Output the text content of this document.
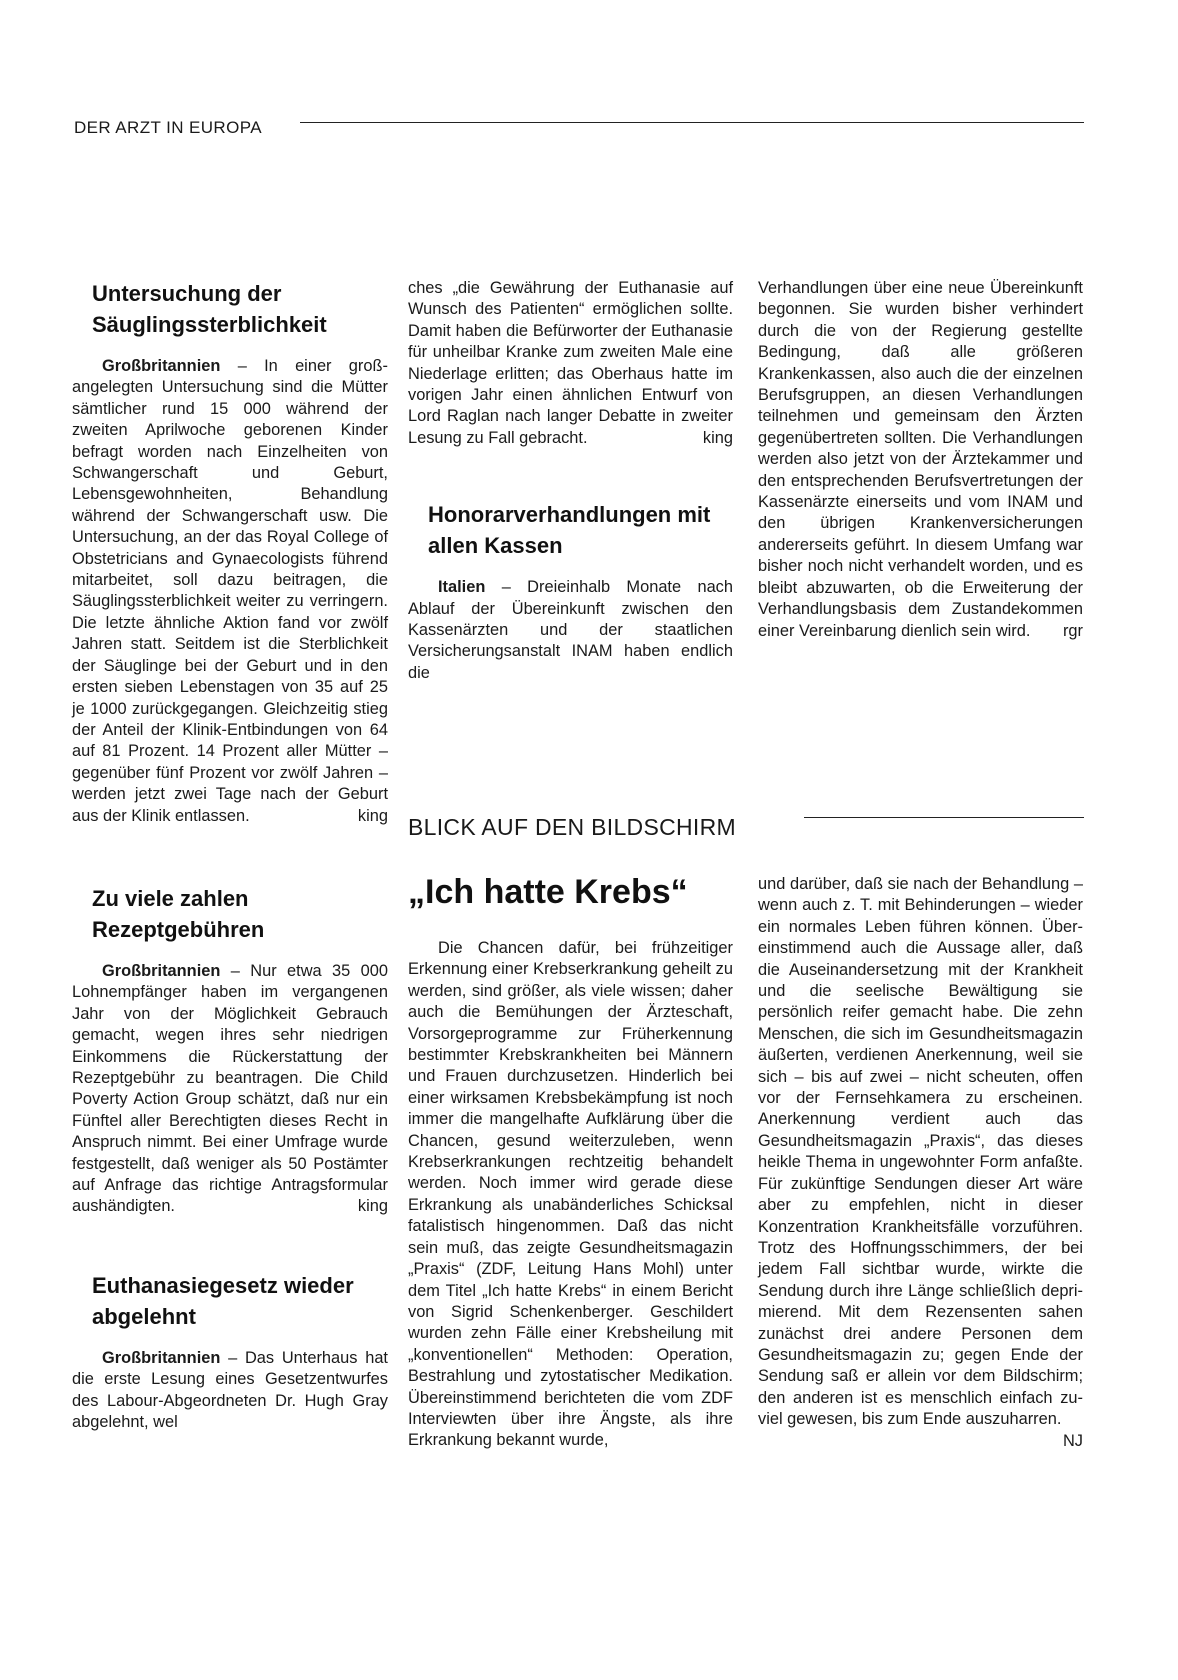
DER ARZT IN EUROPA
Untersuchung der Säuglingssterblichkeit

Großbritannien – In einer großangelegten Untersuchung sind die Mütter sämtlicher rund 15 000 während der zweiten Aprilwoche geborenen Kinder befragt worden nach Einzelheiten von Schwangerschaft und Geburt, Lebensgewohnheiten, Behandlung während der Schwangerschaft usw. Die Untersuchung, an der das Royal College of Obstetricians and Gynaecologists führend mitarbeitet, soll dazu beitragen, die Säuglingssterblichkeit weiter zu verringern. Die letzte ähnliche Aktion fand vor zwölf Jahren statt. Seitdem ist die Sterblichkeit der Säuglinge bei der Geburt und in den ersten sieben Lebenstagen von 35 auf 25 je 1000 zurückgegangen. Gleichzeitig stieg der Anteil der Klinik-Entbindungen von 64 auf 81 Prozent. 14 Prozent aller Mütter – gegenüber fünf Prozent vor zwölf Jahren – werden jetzt zwei Tage nach der Geburt aus der Klinik entlassen.	king

Zu viele zahlen Rezeptgebühren

Großbritannien – Nur etwa 35 000 Lohnempfänger haben im vergangenen Jahr von der Möglichkeit Gebrauch gemacht, wegen ihres sehr niedrigen Einkommens die Rückerstattung der Rezeptgebühr zu beantragen. Die Child Poverty Action Group schätzt, daß nur ein Fünftel aller Berechtigten dieses Recht in Anspruch nimmt. Bei einer Umfrage wurde festgestellt, daß weniger als 50 Postämter auf Anfrage das richtige Antragsformular aushändigten.	king

Euthanasiegesetz wieder abgelehnt

Großbritannien – Das Unterhaus hat die erste Lesung eines Gesetzentwurfes des Labour-Abgeordneten Dr. Hugh Gray abgelehnt, wel

ches „die Gewährung der Euthanasie auf Wunsch des Patienten“ ermöglichen sollte. Damit haben die Befürworter der Euthanasie für unheilbar Kranke zum zweiten Male eine Niederlage erlitten; das Oberhaus hatte im vorigen Jahr einen ähnlichen Entwurf von Lord Raglan nach langer Debatte in zweiter Lesung zu Fall gebracht.	king

Honorarverhandlungen mit allen Kassen

Italien – Dreieinhalb Monate nach Ablauf der Übereinkunft zwischen den Kassenärzten und der staatlichen Versicherungsanstalt INAM haben endlich die

Verhandlungen über eine neue Übereinkunft begonnen. Sie wurden bisher verhindert durch die von der Regierung gestellte Bedingung, daß alle größeren Krankenkassen, also auch die der einzelnen Berufsgruppen, an diesen Verhandlungen teilnehmen und gemeinsam den Ärzten gegenübertreten sollten. Die Verhandlungen werden also jetzt von der Ärztekammer und den entsprechenden Berufsvertretungen der Kassenärzte einerseits und vom INAM und den übrigen Krankenversicherungen andererseits geführt. In diesem Umfang war bisher noch nicht verhandelt worden, und es bleibt abzuwarten, ob die Erweiterung der Verhandlungsbasis dem Zustandekommen einer Vereinbarung dienlich sein wird. rgr

BLICK AUF DEN BILDSCHIRM
„Ich hatte Krebs“

Die Chancen dafür, bei frühzeitiger Erkennung einer Krebserkrankung geheilt zu werden, sind größer, als viele wissen; daher auch die Bemühungen der Ärzteschaft, Vorsorgeprogramme zur Früherkennung bestimmter Krebskrankheiten bei Männern und Frauen durchzusetzen. Hinderlich bei einer wirksamen Krebsbekämpfung ist noch immer die mangelhafte Aufklärung über die Chancen, gesund weiterzuleben, wenn Krebserkrankungen rechtzeitig behandelt werden. Noch immer wird gerade diese Erkrankung als unabänderliches Schicksal fatalistisch hingenommen. Daß das nicht sein muß, das zeigte Gesundheitsmagazin „Praxis“ (ZDF, Leitung Hans Mohl) unter dem Titel „Ich hatte Krebs“ in einem Bericht von Sigrid Schenkenberger. Geschildert wurden zehn Fälle einer Krebsheilung mit „konventionellen“ Methoden: Operation, Bestrahlung und zytostatischer Medikation. Übereinstimmend berichteten die vom ZDF Interviewten über ihre Ängste, als ihre Erkrankung bekannt wurde,

und darüber, daß sie nach der Behandlung – wenn auch z. T. mit Behinderungen – wieder ein normales Leben führen können. Übereinstimmend auch die Aussage aller, daß die Auseinandersetzung mit der Krankheit und die seelische Bewältigung sie persönlich reifer gemacht habe. Die zehn Menschen, die sich im Gesundheitsmagazin äußerten, verdienen Anerkennung, weil sie sich – bis auf zwei – nicht scheuten, offen vor der Fernsehkamera zu erscheinen. Anerkennung verdient auch das Gesundheitsmagazin „Praxis“, das dieses heikle Thema in ungewohnter Form anfaßte. Für zukünftige Sendungen dieser Art wäre aber zu empfehlen, nicht in dieser Konzentration Krankheitsfälle vorzuführen. Trotz des Hoffnungsschimmers, der bei jedem Fall sichtbar wurde, wirkte die Sendung durch ihre Länge schließlich deprimierend. Mit dem Rezensenten sahen zunächst drei andere Personen dem Gesundheitsmagazin zu; gegen Ende der Sendung saß er allein vor dem Bildschirm; den anderen ist es menschlich einfach zuviel gewesen, bis zum Ende auszuharren.
NJ
